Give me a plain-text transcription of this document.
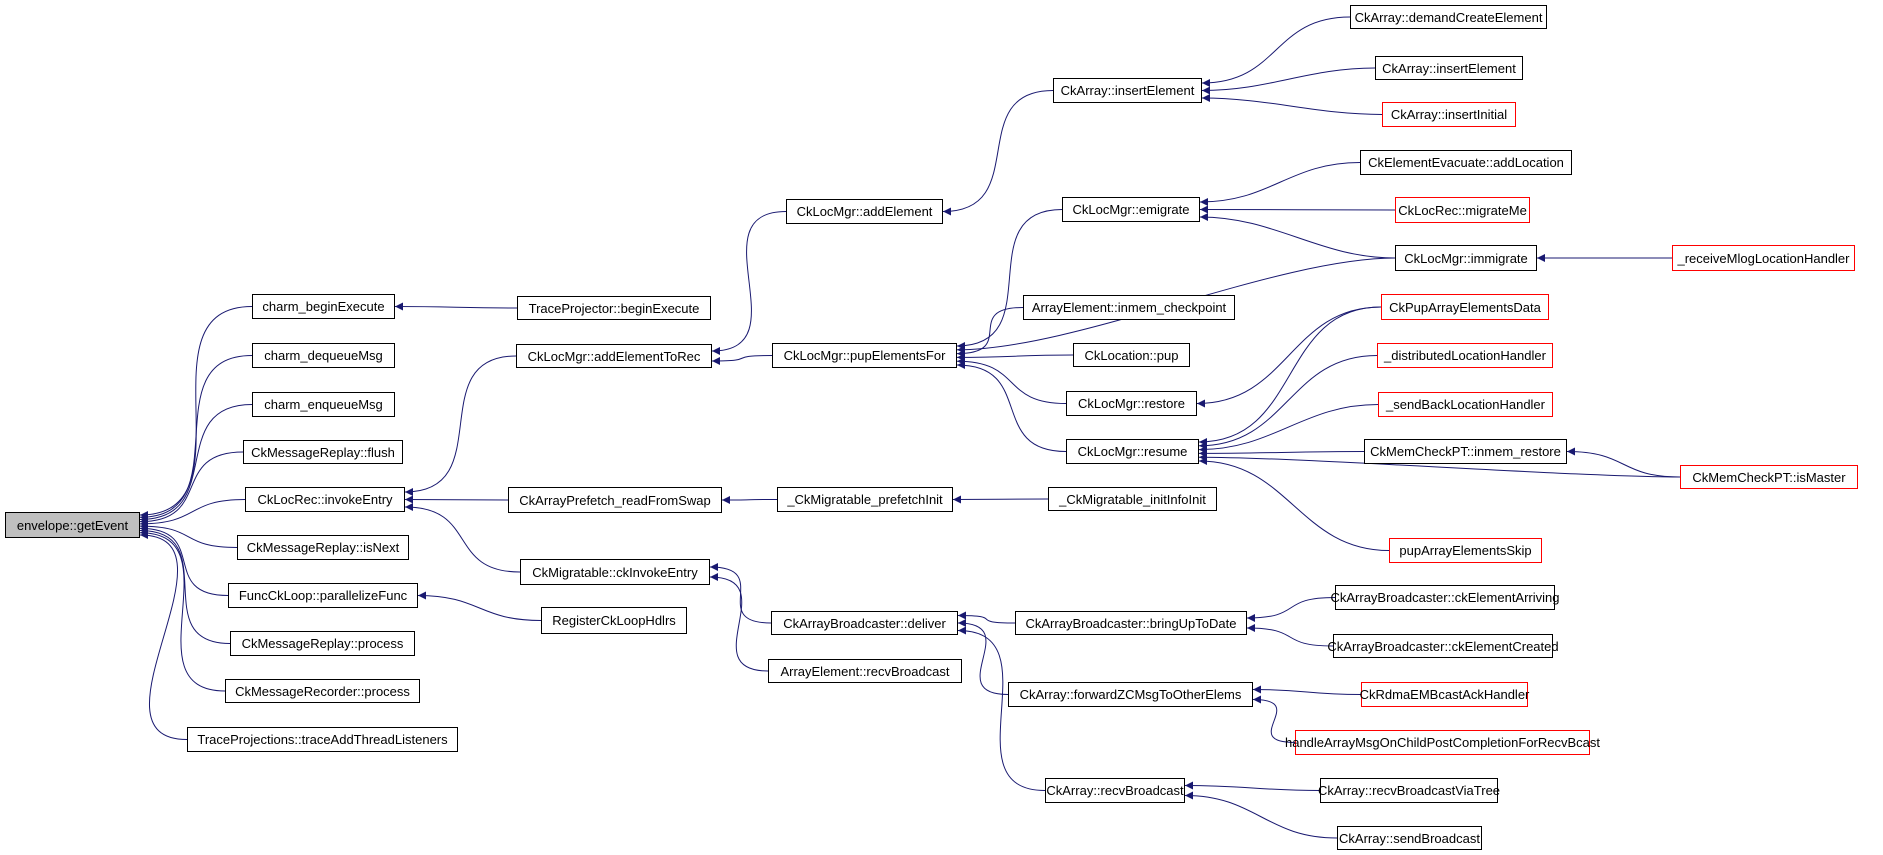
envelope::getEvent
charm_beginExecute
charm_dequeueMsg
charm_enqueueMsg
CkMessageReplay::flush
CkLocRec::invokeEntry
CkMessageReplay::isNext
FuncCkLoop::parallelizeFunc
CkMessageReplay::process
CkMessageRecorder::process
TraceProjections::traceAddThreadListeners
TraceProjector::beginExecute
CkLocMgr::addElementToRec
CkArrayPrefetch_readFromSwap
CkMigratable::ckInvokeEntry
RegisterCkLoopHdlrs
CkLocMgr::addElement
CkLocMgr::pupElementsFor
_CkMigratable_prefetchInit
CkArrayBroadcaster::deliver
ArrayElement::recvBroadcast
CkArray::insertElement
CkLocMgr::emigrate
ArrayElement::inmem_checkpoint
CkLocation::pup
CkLocMgr::restore
CkLocMgr::resume
_CkMigratable_initInfoInit
CkArrayBroadcaster::bringUpToDate
CkArray::forwardZCMsgToOtherElems
CkArray::recvBroadcast
CkArray::demandCreateElement
CkArray::insertElement
CkArray::insertInitial
CkElementEvacuate::addLocation
CkLocRec::migrateMe
CkLocMgr::immigrate
CkPupArrayElementsData
_distributedLocationHandler
_sendBackLocationHandler
CkMemCheckPT::inmem_restore
CkMemCheckPT::isMaster
pupArrayElementsSkip
CkArrayBroadcaster::ckElementArriving
CkArrayBroadcaster::ckElementCreated
CkRdmaEMBcastAckHandler
handleArrayMsgOnChildPostCompletionForRecvBcast
CkArray::recvBroadcastViaTree
CkArray::sendBroadcast
_receiveMlogLocationHandler
